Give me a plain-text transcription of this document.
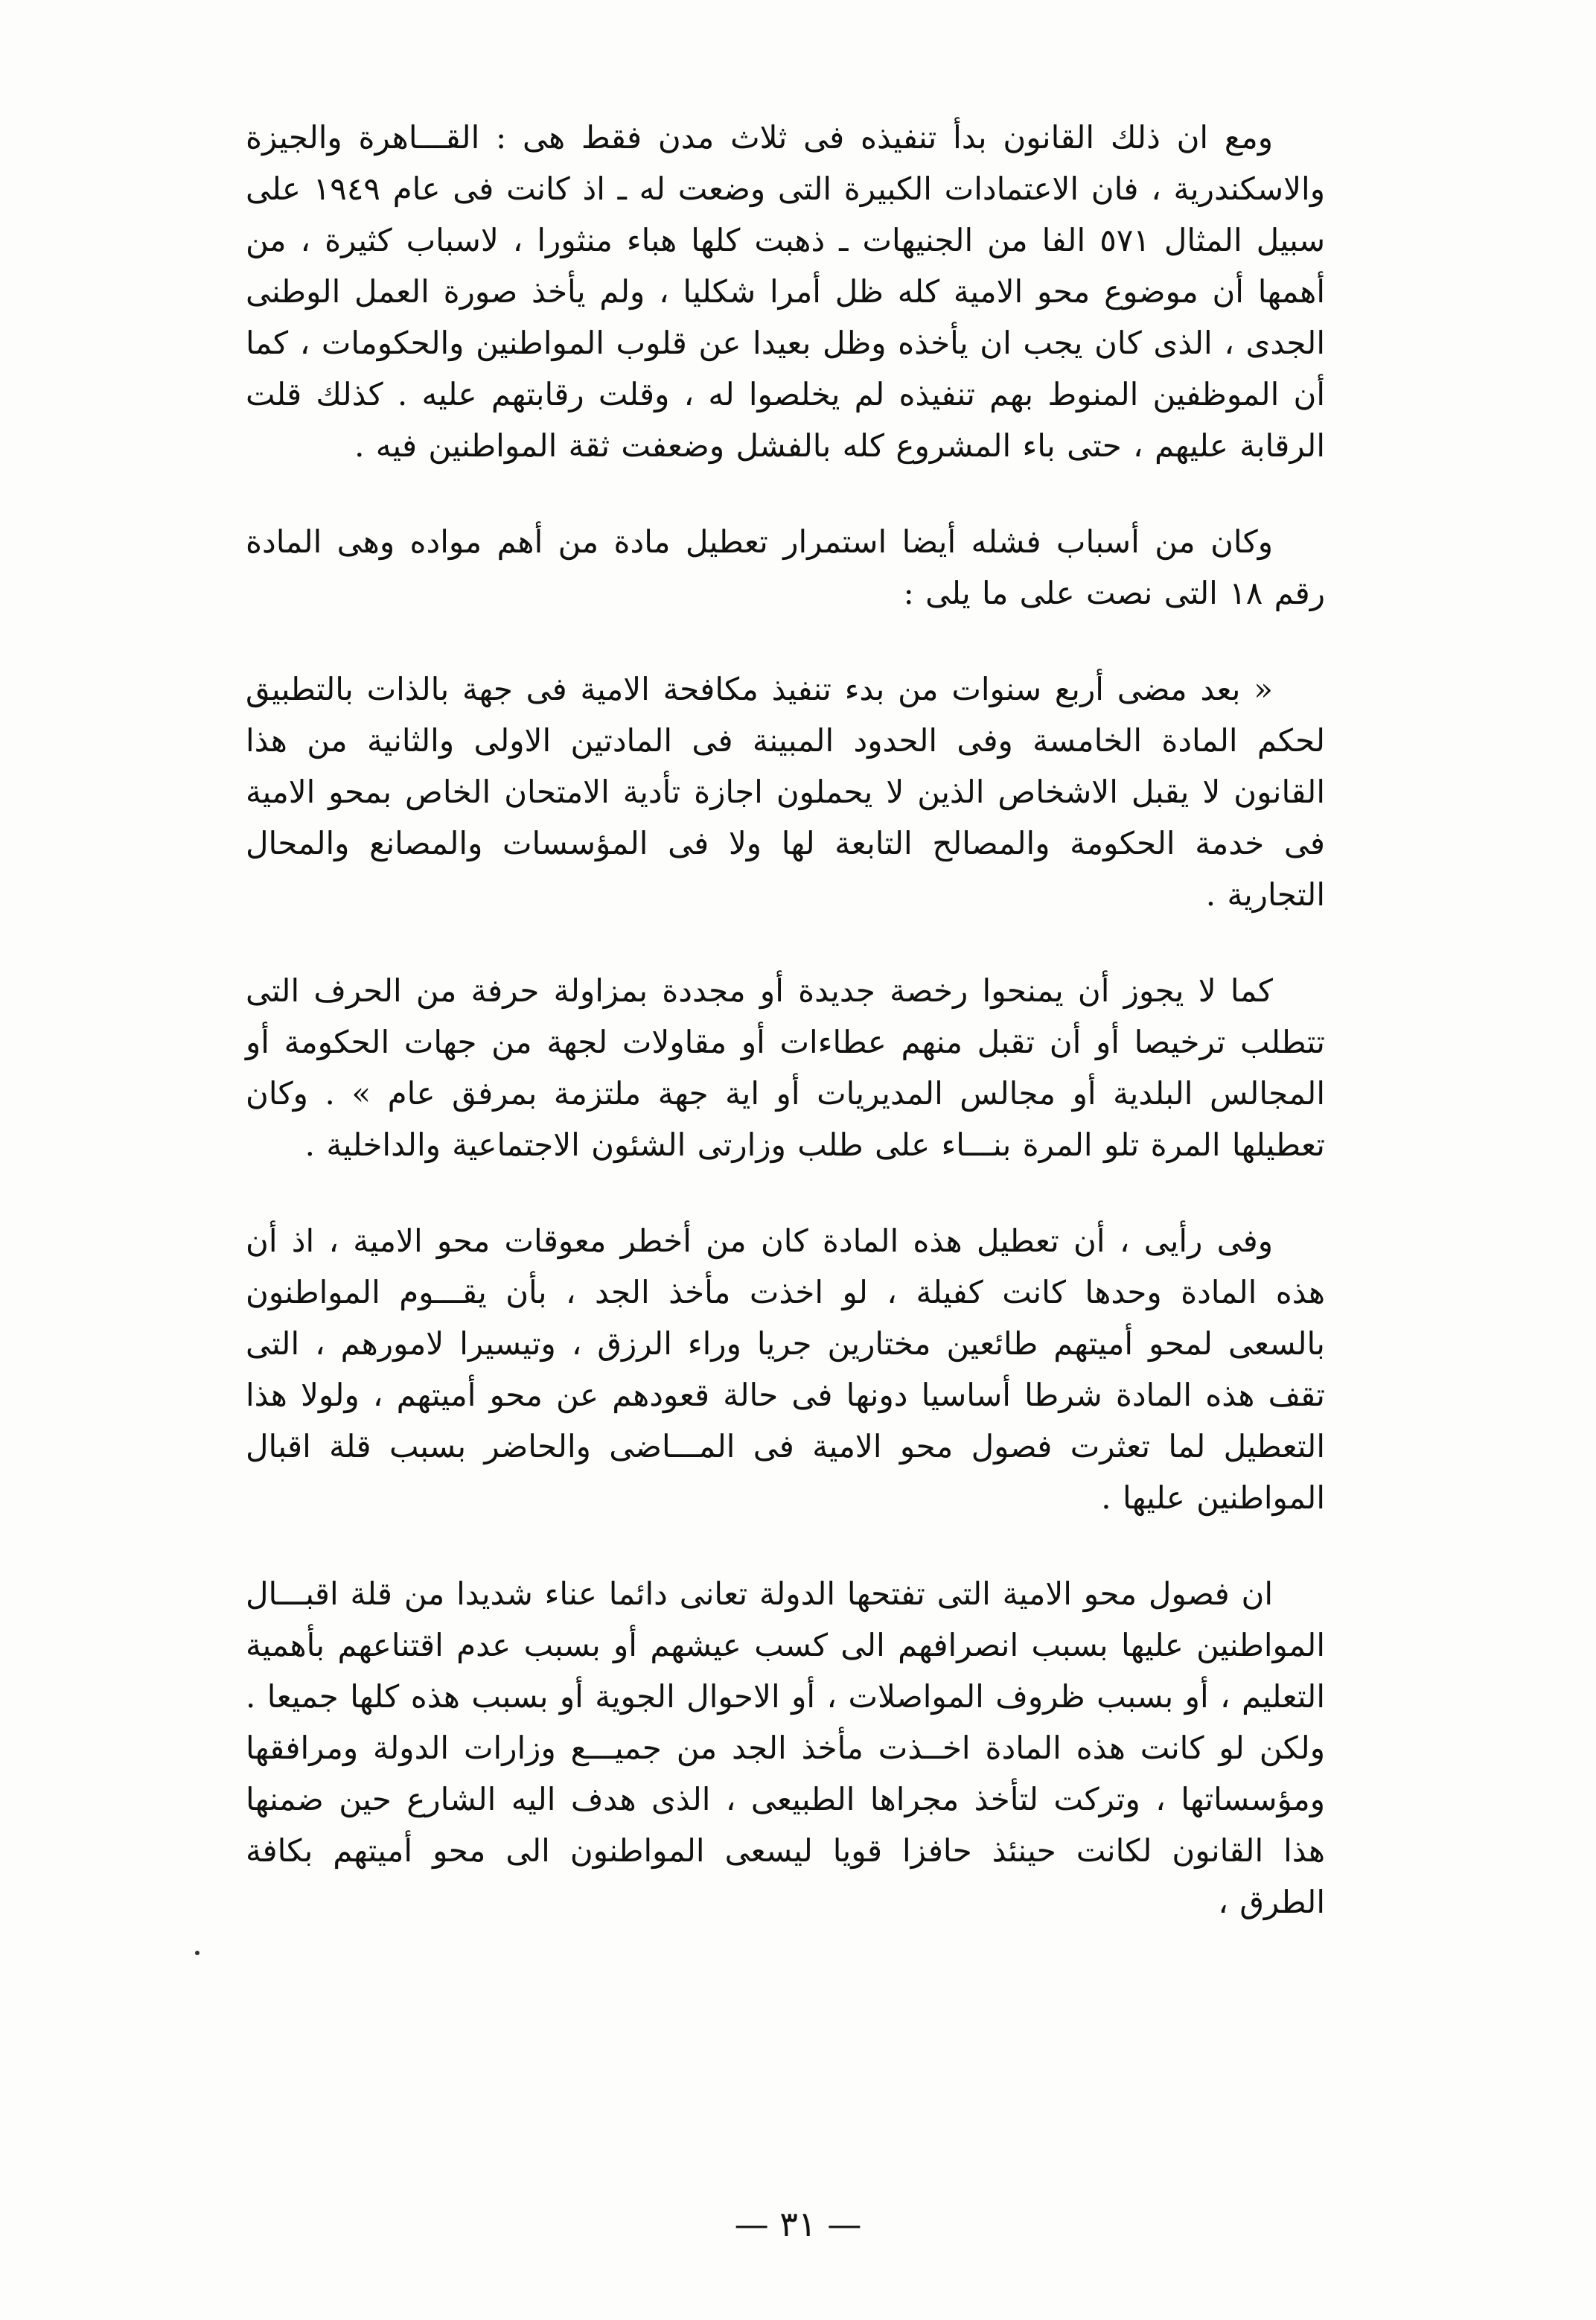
ومع ان ذلك القانون بدأ تنفيذه فى ثلاث مدن فقط هى : القـــاهرة والجيزة والاسكندرية ، فان الاعتمادات الكبيرة التى وضعت له ـ اذ كانت فى عام ١٩٤٩ على سبيل المثال ٥٧١ الفا من الجنيهات ـ ذهبت كلها هباء منثورا ، لاسباب كثيرة ، من أهمها أن موضوع محو الامية كله ظل أمرا شكليا ، ولم يأخذ صورة العمل الوطنى الجدى ، الذى كان يجب ان يأخذه وظل بعيدا عن قلوب المواطنين والحكومات ، كما أن الموظفين المنوط بهم تنفيذه لم يخلصوا له ، وقلت رقابتهم عليه . كذلك قلت الرقابة عليهم ، حتى باء المشروع كله بالفشل وضعفت ثقة المواطنين فيه .

وكان من أسباب فشله أيضا استمرار تعطيل مادة من أهم مواده وهى المادة رقم ١٨ التى نصت على ما يلى :

« بعد مضى أربع سنوات من بدء تنفيذ مكافحة الامية فى جهة بالذات بالتطبيق لحكم المادة الخامسة وفى الحدود المبينة فى المادتين الاولى والثانية من هذا القانون لا يقبل الاشخاص الذين لا يحملون اجازة تأدية الامتحان الخاص بمحو الامية فى خدمة الحكومة والمصالح التابعة لها ولا فى المؤسسات والمصانع والمحال التجارية .

كما لا يجوز أن يمنحوا رخصة جديدة أو مجددة بمزاولة حرفة من الحرف التى تتطلب ترخيصا أو أن تقبل منهم عطاءات أو مقاولات لجهة من جهات الحكومة أو المجالس البلدية أو مجالس المديريات أو اية جهة ملتزمة بمرفق عام » . وكان تعطيلها المرة تلو المرة بنـــاء على طلب وزارتى الشئون الاجتماعية والداخلية .

وفى رأيى ، أن تعطيل هذه المادة كان من أخطر معوقات محو الامية ، اذ أن هذه المادة وحدها كانت كفيلة ، لو اخذت مأخذ الجد ، بأن يقـــوم المواطنون بالسعى لمحو أميتهم طائعين مختارين جريا وراء الرزق ، وتيسيرا لامورهم ، التى تقف هذه المادة شرطا أساسيا دونها فى حالة قعودهم عن محو أميتهم ، ولولا هذا التعطيل لما تعثرت فصول محو الامية فى المـــاضى والحاضر بسبب قلة اقبال المواطنين عليها .

ان فصول محو الامية التى تفتحها الدولة تعانى دائما عناء شديدا من قلة اقبـــال المواطنين عليها بسبب انصرافهم الى كسب عيشهم أو بسبب عدم اقتناعهم بأهمية التعليم ، أو بسبب ظروف المواصلات ، أو الاحوال الجوية أو بسبب هذه كلها جميعا . ولكن لو كانت هذه المادة اخــذت مأخذ الجد من جميـــع وزارات الدولة ومرافقها ومؤسساتها ، وتركت لتأخذ مجراها الطبيعى ، الذى هدف اليه الشارع حين ضمنها هذا القانون لكانت حينئذ حافزا قويا ليسعى المواطنون الى محو أميتهم بكافة الطرق ،

— ٣١ —
